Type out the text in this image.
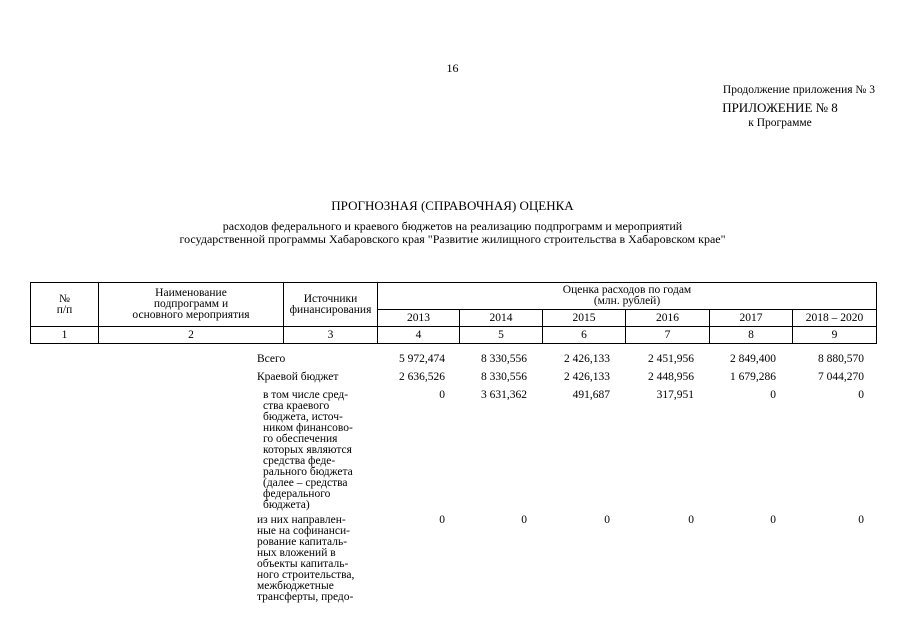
16
Продолжение приложения № 3
ПРИЛОЖЕНИЕ № 8
к Программе
ПРОГНОЗНАЯ (СПРАВОЧНАЯ) ОЦЕНКА
расходов федерального и краевого бюджетов на реализацию подпрограмм и мероприятий
государственной программы Хабаровского края "Развитие жилищного строительства в Хабаровском крае"
№
п/п
Наименование
подпрограмм и
основного мероприятия
Источники
финансирования
Оценка расходов по годам
(млн. рублей)
2013	2014	2015	2016	2017	2018 – 2020
1	2	3	4	5	6	7	8	9
Всего	5 972,474	8 330,556	2 426,133	2 451,956	2 849,400	8 880,570
Краевой бюджет	2 636,526	8 330,556	2 426,133	2 448,956	1 679,286	7 044,270
в том числе сред-
ства краевого
бюджета, источ-
ником финансово-
го обеспечения
которых являются
средства феде-
рального бюджета
(далее – средства
федерального
бюджета)
0	3 631,362	491,687	317,951	0	0
из них направлен-
ные на софинанси-
рование капиталь-
ных вложений в
объекты капиталь-
ного строительства,
межбюджетные
трансферты, предо-
0	0	0	0	0	0
